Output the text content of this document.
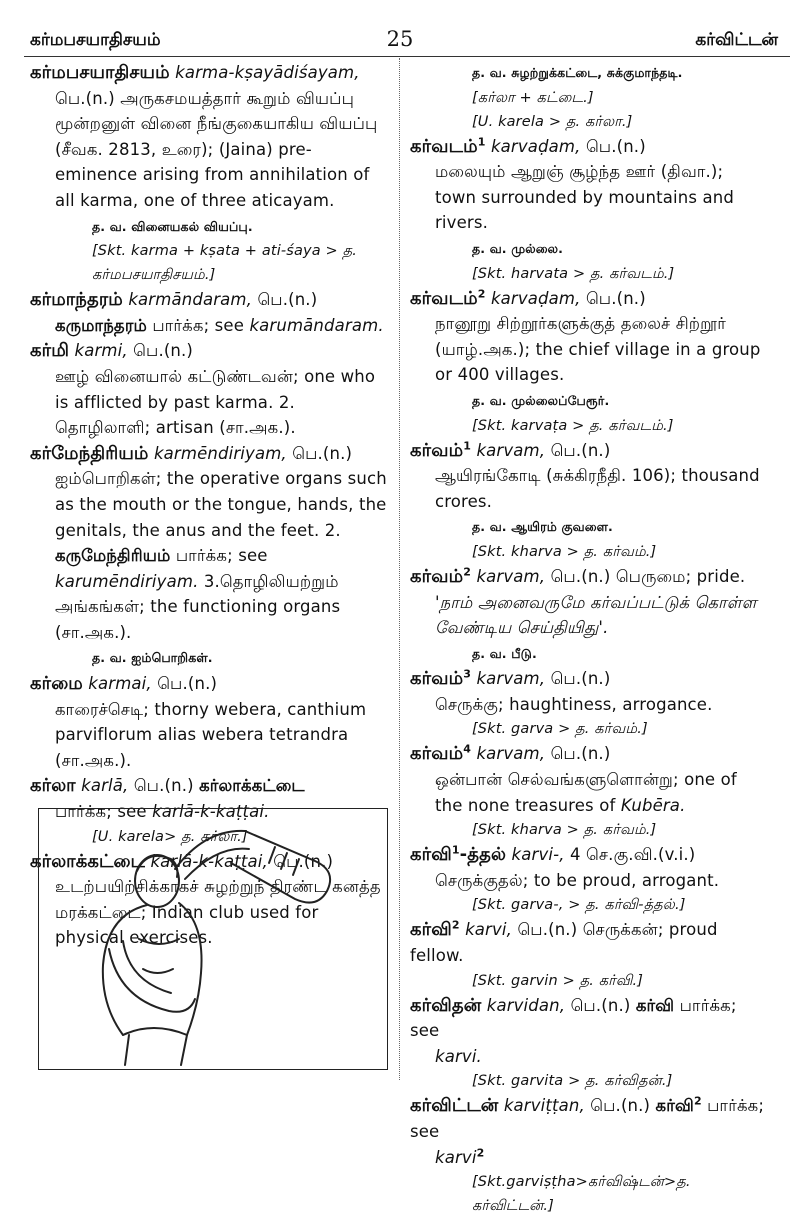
கர்மபசயாதிசயம்	25	கர்விட்டன்
கர்மபசயாதிசயம் karma-kṣayādiśayam,
பெ.(n.) அருகசமயத்தார் கூறும் வியப்பு மூன்றனுள் வினை நீங்குகையாகிய வியப்பு (சீவக. 2813, உரை); (Jaina) pre-eminence arising from annihilation of all karma, one of three aticayam.
த. வ. வினையகல் வியப்பு.
[Skt. karma + kṣata + ati-śaya > த. கர்மபசயாதிசயம்.]
கர்மாந்தரம் karmāndaram, பெ.(n.)
கருமாந்தரம் பார்க்க; see karumāndaram.
கர்மி karmi, பெ.(n.)
ஊழ் வினையால் கட்டுண்டவன்; one who is afflicted by past karma. 2. தொழிலாளி; artisan (சா.அக.).
கர்மேந்திரியம் karmēndiriyam, பெ.(n.)
ஐம்பொறிகள்; the operative organs such as the mouth or the tongue, hands, the genitals, the anus and the feet. 2. கருமேந்திரியம் பார்க்க; see karumēndiriyam. 3.தொழிலியற்றும் அங்கங்கள்; the functioning organs (சா.அக.).
த. வ. ஐம்பொறிகள்.
கர்மை karmai, பெ.(n.)
காரைச்செடி; thorny webera, canthium parviflorum alias webera tetrandra (சா.அக.).
கர்லா karlā, பெ.(n.) கர்லாக்கட்டை
பார்க்க; see karlā-k-kaṭṭai.
[U. karela> த. கர்லா.]
கர்லாக்கட்டை karlā-k-kaṭṭai, பெ.(n.)
உடற்பயிற்சிக்காகச் சுழற்றுந் திரண்ட கனத்த மரக்கட்டை; Indian club used for physical exercises.
த. வ. சுழற்றுக்கட்டை, சுக்குமாந்தடி.
[கர்லா + கட்டை.]
[U. karela > த. கர்லா.]
கர்வடம்$^1$ karvaḍam, பெ.(n.)
மலையும் ஆறுஞ் சூழ்ந்த ஊர் (திவா.); town surrounded by mountains and rivers.
த. வ. முல்லை.
[Skt. harvata > த. கர்வடம்.]
கர்வடம்$^2$ karvaḍam, பெ.(n.)
நானூறு சிற்றூர்களுக்குத் தலைச் சிற்றூர் (யாழ்.அக.); the chief village in a group or 400 villages.
த. வ. முல்லைப்பேரூர்.
[Skt. karvaṭa > த. கர்வடம்.]
கர்வம்$^1$ karvam, பெ.(n.)
ஆயிரங்கோடி (சுக்கிரநீதி. 106); thousand crores.
த. வ. ஆயிரம் குவளை.
[Skt. kharva > த. கர்வம்.]
கர்வம்$^2$ karvam, பெ.(n.) பெருமை; pride.
'நாம் அனைவருமே கர்வப்பட்டுக் கொள்ள வேண்டிய செய்தியிது'.
த. வ. பீடு.
கர்வம்$^3$ karvam, பெ.(n.)
செருக்கு; haughtiness, arrogance.
[Skt. garva > த. கர்வம்.]
கர்வம்$^4$ karvam, பெ.(n.)
ஒன்பான் செல்வங்களுளொன்று; one of the none treasures of Kubēra.
[Skt. kharva > த. கர்வம்.]
கர்வி$^1$-த்தல் karvi-, 4 செ.கு.வி.(v.i.)
செருக்குதல்; to be proud, arrogant.
[Skt. garva-, > த. கர்வி-த்தல்.]
கர்வி$^2$ karvi, பெ.(n.) செருக்கன்; proud fellow.
[Skt. garvin > த. கர்வி.]
கர்விதன் karvidan, பெ.(n.) கர்வி பார்க்க; see
karvi.
[Skt. garvita > த. கர்விதன்.]
கர்விட்டன் karviṭṭan, பெ.(n.) கர்வி$^2$ பார்க்க; see
karvi$^2$
[Skt.garviṣṭha>கர்விஷ்டன்>த. கர்விட்டன்.]
